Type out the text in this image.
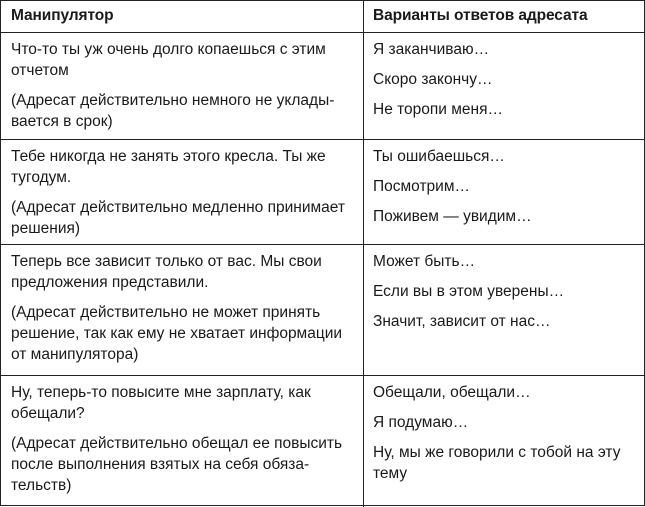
Манипулятор	Варианты ответов адресата

Что-то ты уж очень долго копаешься с этим отчетом

(Адресат действительно немного не уклады-вается в срок)

Я заканчиваю…

Скоро закончу…

Не торопи меня…

Тебе никогда не занять этого кресла. Ты же тугодум.

(Адресат действительно медленно принимает решения)

Ты ошибаешься…

Посмотрим…

Поживем — увидим…

Теперь все зависит только от вас. Мы свои предложения представили.

(Адресат действительно не может принять решение, так как ему не хватает информации от манипулятора)

Может быть…

Если вы в этом уверены…

Значит, зависит от нас…

Ну, теперь-то повысите мне зарплату, как обещали?

(Адресат действительно обещал ее повысить после выполнения взятых на себя обяза-тельств)

Обещали, обещали…

Я подумаю…

Ну, мы же говорили с тобой на эту тему
